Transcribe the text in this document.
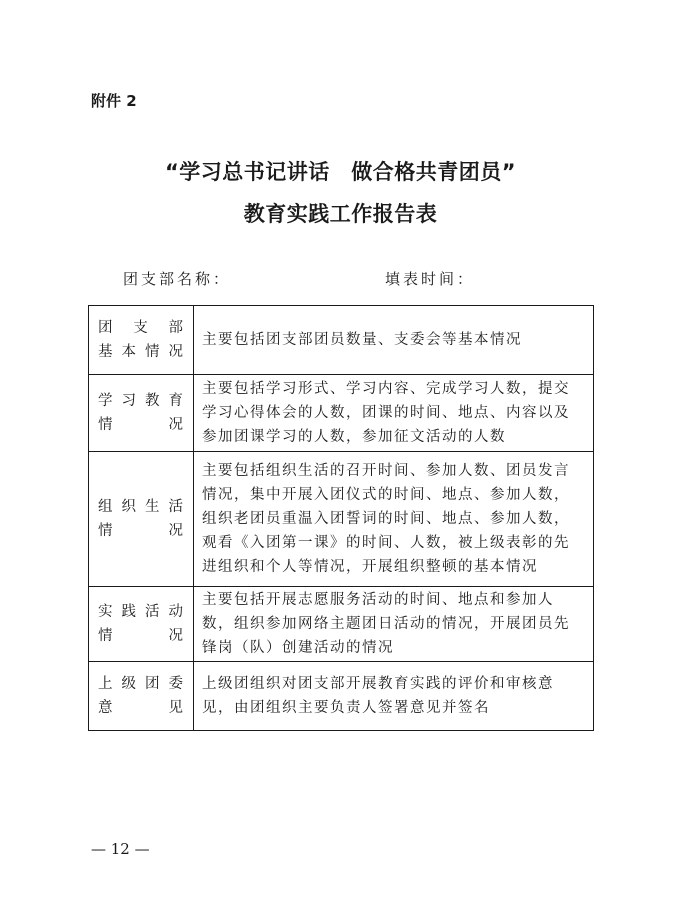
附件 2
“学习总书记讲话　做合格共青团员”
教育实践工作报告表
团支部名称：	填表时间：
团支部
基本情况	主要包括团支部团员数量、支委会等基本情况

学习教育
情况	主要包括学习形式、学习内容、完成学习人数，提交学习心得体会的人数，团课的时间、地点、内容以及参加团课学习的人数，参加征文活动的人数

组织生活
情况	主要包括组织生活的召开时间、参加人数、团员发言情况，集中开展入团仪式的时间、地点、参加人数，组织老团员重温入团誓词的时间、地点、参加人数，观看《入团第一课》的时间、人数，被上级表彰的先进组织和个人等情况，开展组织整顿的基本情况

实践活动
情况	主要包括开展志愿服务活动的时间、地点和参加人数，组织参加网络主题团日活动的情况，开展团员先锋岗（队）创建活动的情况

上级团委
意见	上级团组织对团支部开展教育实践的评价和审核意见，由团组织主要负责人签署意见并签名
— 12 —
